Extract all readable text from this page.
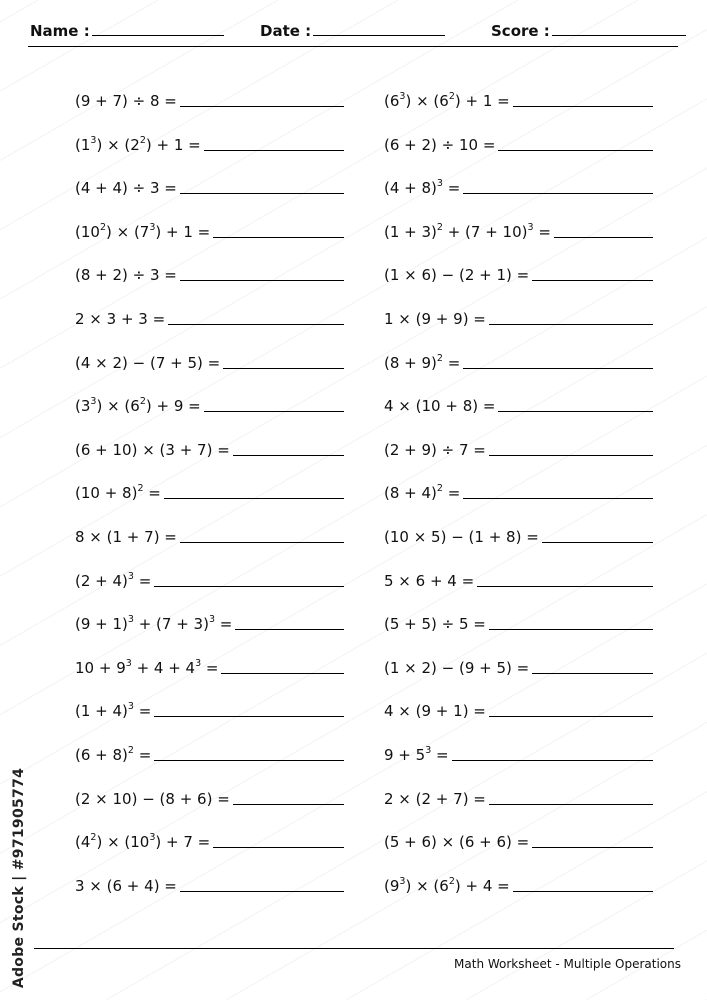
Name :	Date :	Score :
(9 + 7) ÷ 8 =
$(1^3) \times (2^2) + 1$ =
(4 + 4) ÷ 3 =
$(10^2) \times (7^3) + 1$ =
(8 + 2) ÷ 3 =
2 × 3 + 3 =
(4 × 2) − (7 + 5) =
$(3^3) \times (6^2) + 9$ =
(6 + 10) × (3 + 7) =
$(10 + 8)^2$ =
8 × (1 + 7) =
$(2 + 4)^3$ =
$(9 + 1)^3 + (7 + 3)^3$ =
$10 + 9^3 + 4 + 4^3$ =
$(1 + 4)^3$ =
$(6 + 8)^2$ =
(2 × 10) − (8 + 6) =
$(4^2) \times (10^3) + 7$ =
3 × (6 + 4) =
$(6^3) \times (6^2) + 1$ =
(6 + 2) ÷ 10 =
$(4 + 8)^3$ =
$(1 + 3)^2 + (7 + 10)^3$ =
(1 × 6) − (2 + 1) =
1 × (9 + 9) =
$(8 + 9)^2$ =
4 × (10 + 8) =
(2 + 9) ÷ 7 =
$(8 + 4)^2$ =
(10 × 5) − (1 + 8) =
5 × 6 + 4 =
(5 + 5) ÷ 5 =
(1 × 2) − (9 + 5) =
4 × (9 + 1) =
$9 + 5^3$ =
2 × (2 + 7) =
(5 + 6) × (6 + 6) =
$(9^3) \times (6^2) + 4$ =
Math Worksheet - Multiple Operations
Adobe Stock | #971905774
